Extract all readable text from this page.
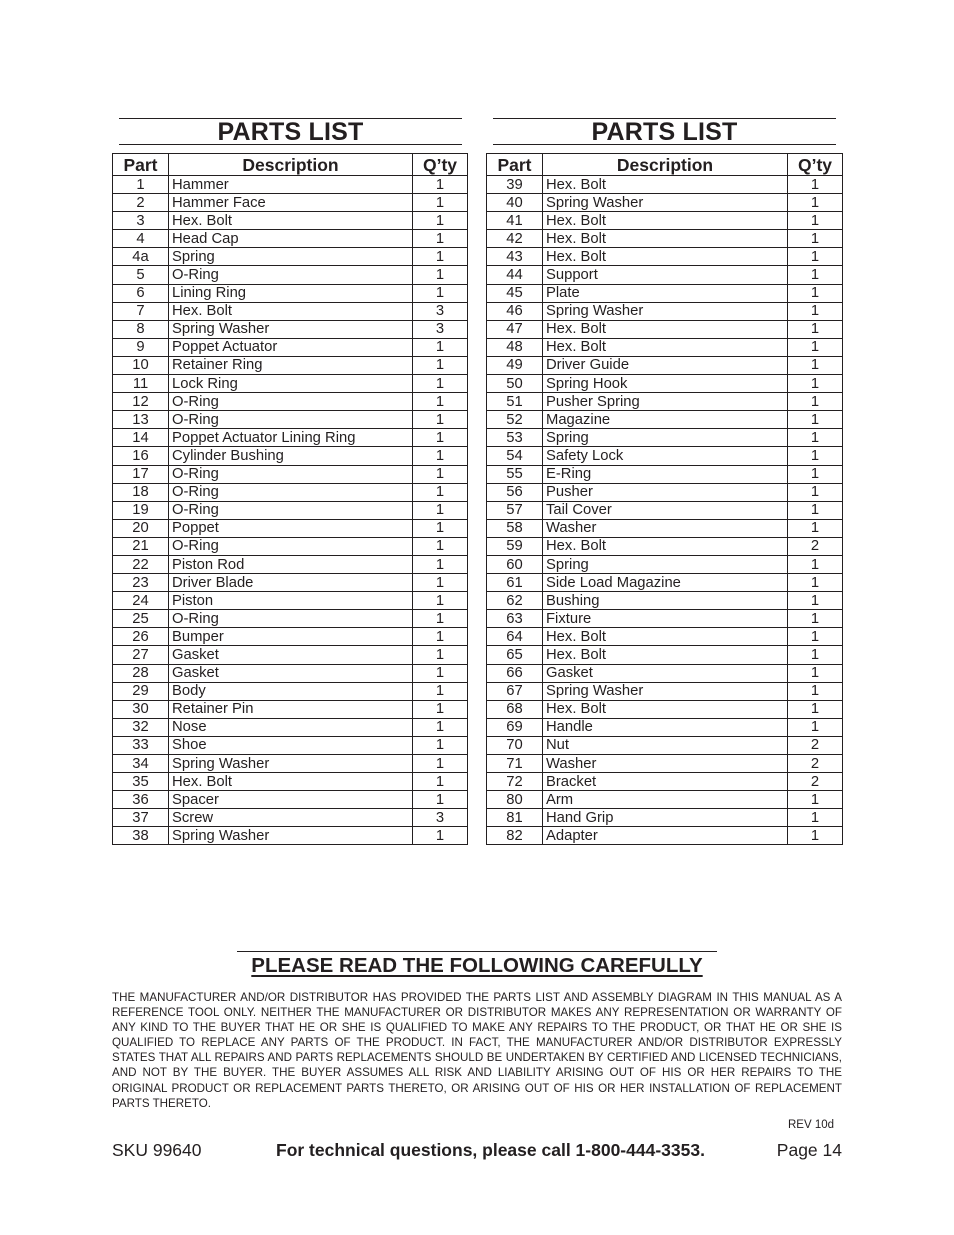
PARTS LIST	PARTS LIST
Part	Description	Q’ty
1	Hammer	1
2	Hammer Face	1
3	Hex. Bolt	1
4	Head Cap	1
4a	Spring	1
5	O-Ring	1
6	Lining Ring	1
7	Hex. Bolt	3
8	Spring Washer	3
9	Poppet Actuator	1
10	Retainer Ring	1
11	Lock Ring	1
12	O-Ring	1
13	O-Ring	1
14	Poppet Actuator Lining Ring	1
16	Cylinder Bushing	1
17	O-Ring	1
18	O-Ring	1
19	O-Ring	1
20	Poppet	1
21	O-Ring	1
22	Piston Rod	1
23	Driver Blade	1
24	Piston	1
25	O-Ring	1
26	Bumper	1
27	Gasket	1
28	Gasket	1
29	Body	1
30	Retainer Pin	1
32	Nose	1
33	Shoe	1
34	Spring Washer	1
35	Hex. Bolt	1
36	Spacer	1
37	Screw	3
38	Spring Washer	1
Part	Description	Q’ty
39	Hex. Bolt	1
40	Spring Washer	1
41	Hex. Bolt	1
42	Hex. Bolt	1
43	Hex. Bolt	1
44	Support	1
45	Plate	1
46	Spring Washer	1
47	Hex. Bolt	1
48	Hex. Bolt	1
49	Driver Guide	1
50	Spring Hook	1
51	Pusher Spring	1
52	Magazine	1
53	Spring	1
54	Safety Lock	1
55	E-Ring	1
56	Pusher	1
57	Tail Cover	1
58	Washer	1
59	Hex. Bolt	2
60	Spring	1
61	Side Load Magazine	1
62	Bushing	1
63	Fixture	1
64	Hex. Bolt	1
65	Hex. Bolt	1
66	Gasket	1
67	Spring Washer	1
68	Hex. Bolt	1
69	Handle	1
70	Nut	2
71	Washer	2
72	Bracket	2
80	Arm	1
81	Hand Grip	1
82	Adapter	1
PLEASE READ THE FOLLOWING CAREFULLY

THE MANUFACTURER AND/OR DISTRIBUTOR HAS PROVIDED THE PARTS LIST AND ASSEMBLY DIAGRAM IN THIS MANUAL AS A REFERENCE TOOL ONLY. NEITHER THE MANUFACTURER OR DISTRIBUTOR MAKES ANY REPRESENTATION OR WARRANTY OF ANY KIND TO THE BUYER THAT HE OR SHE IS QUALIFIED TO MAKE ANY REPAIRS TO THE PRODUCT, OR THAT HE OR SHE IS QUALIFIED TO REPLACE ANY PARTS OF THE PRODUCT. IN FACT, THE MANUFACTURER AND/OR DISTRIBUTOR EXPRESSLY STATES THAT ALL REPAIRS AND PARTS REPLACEMENTS SHOULD BE UNDERTAKEN BY CERTIFIED AND LICENSED TECHNICIANS, AND NOT BY THE BUYER. THE BUYER ASSUMES ALL RISK AND LIABILITY ARISING OUT OF HIS OR HER REPAIRS TO THE ORIGINAL PRODUCT OR REPLACEMENT PARTS THERETO, OR ARISING OUT OF HIS OR HER INSTALLATION OF REPLACEMENT PARTS THERETO.

REV 10d
SKU 99640	For technical questions, please call 1-800-444-3353.	Page 14
